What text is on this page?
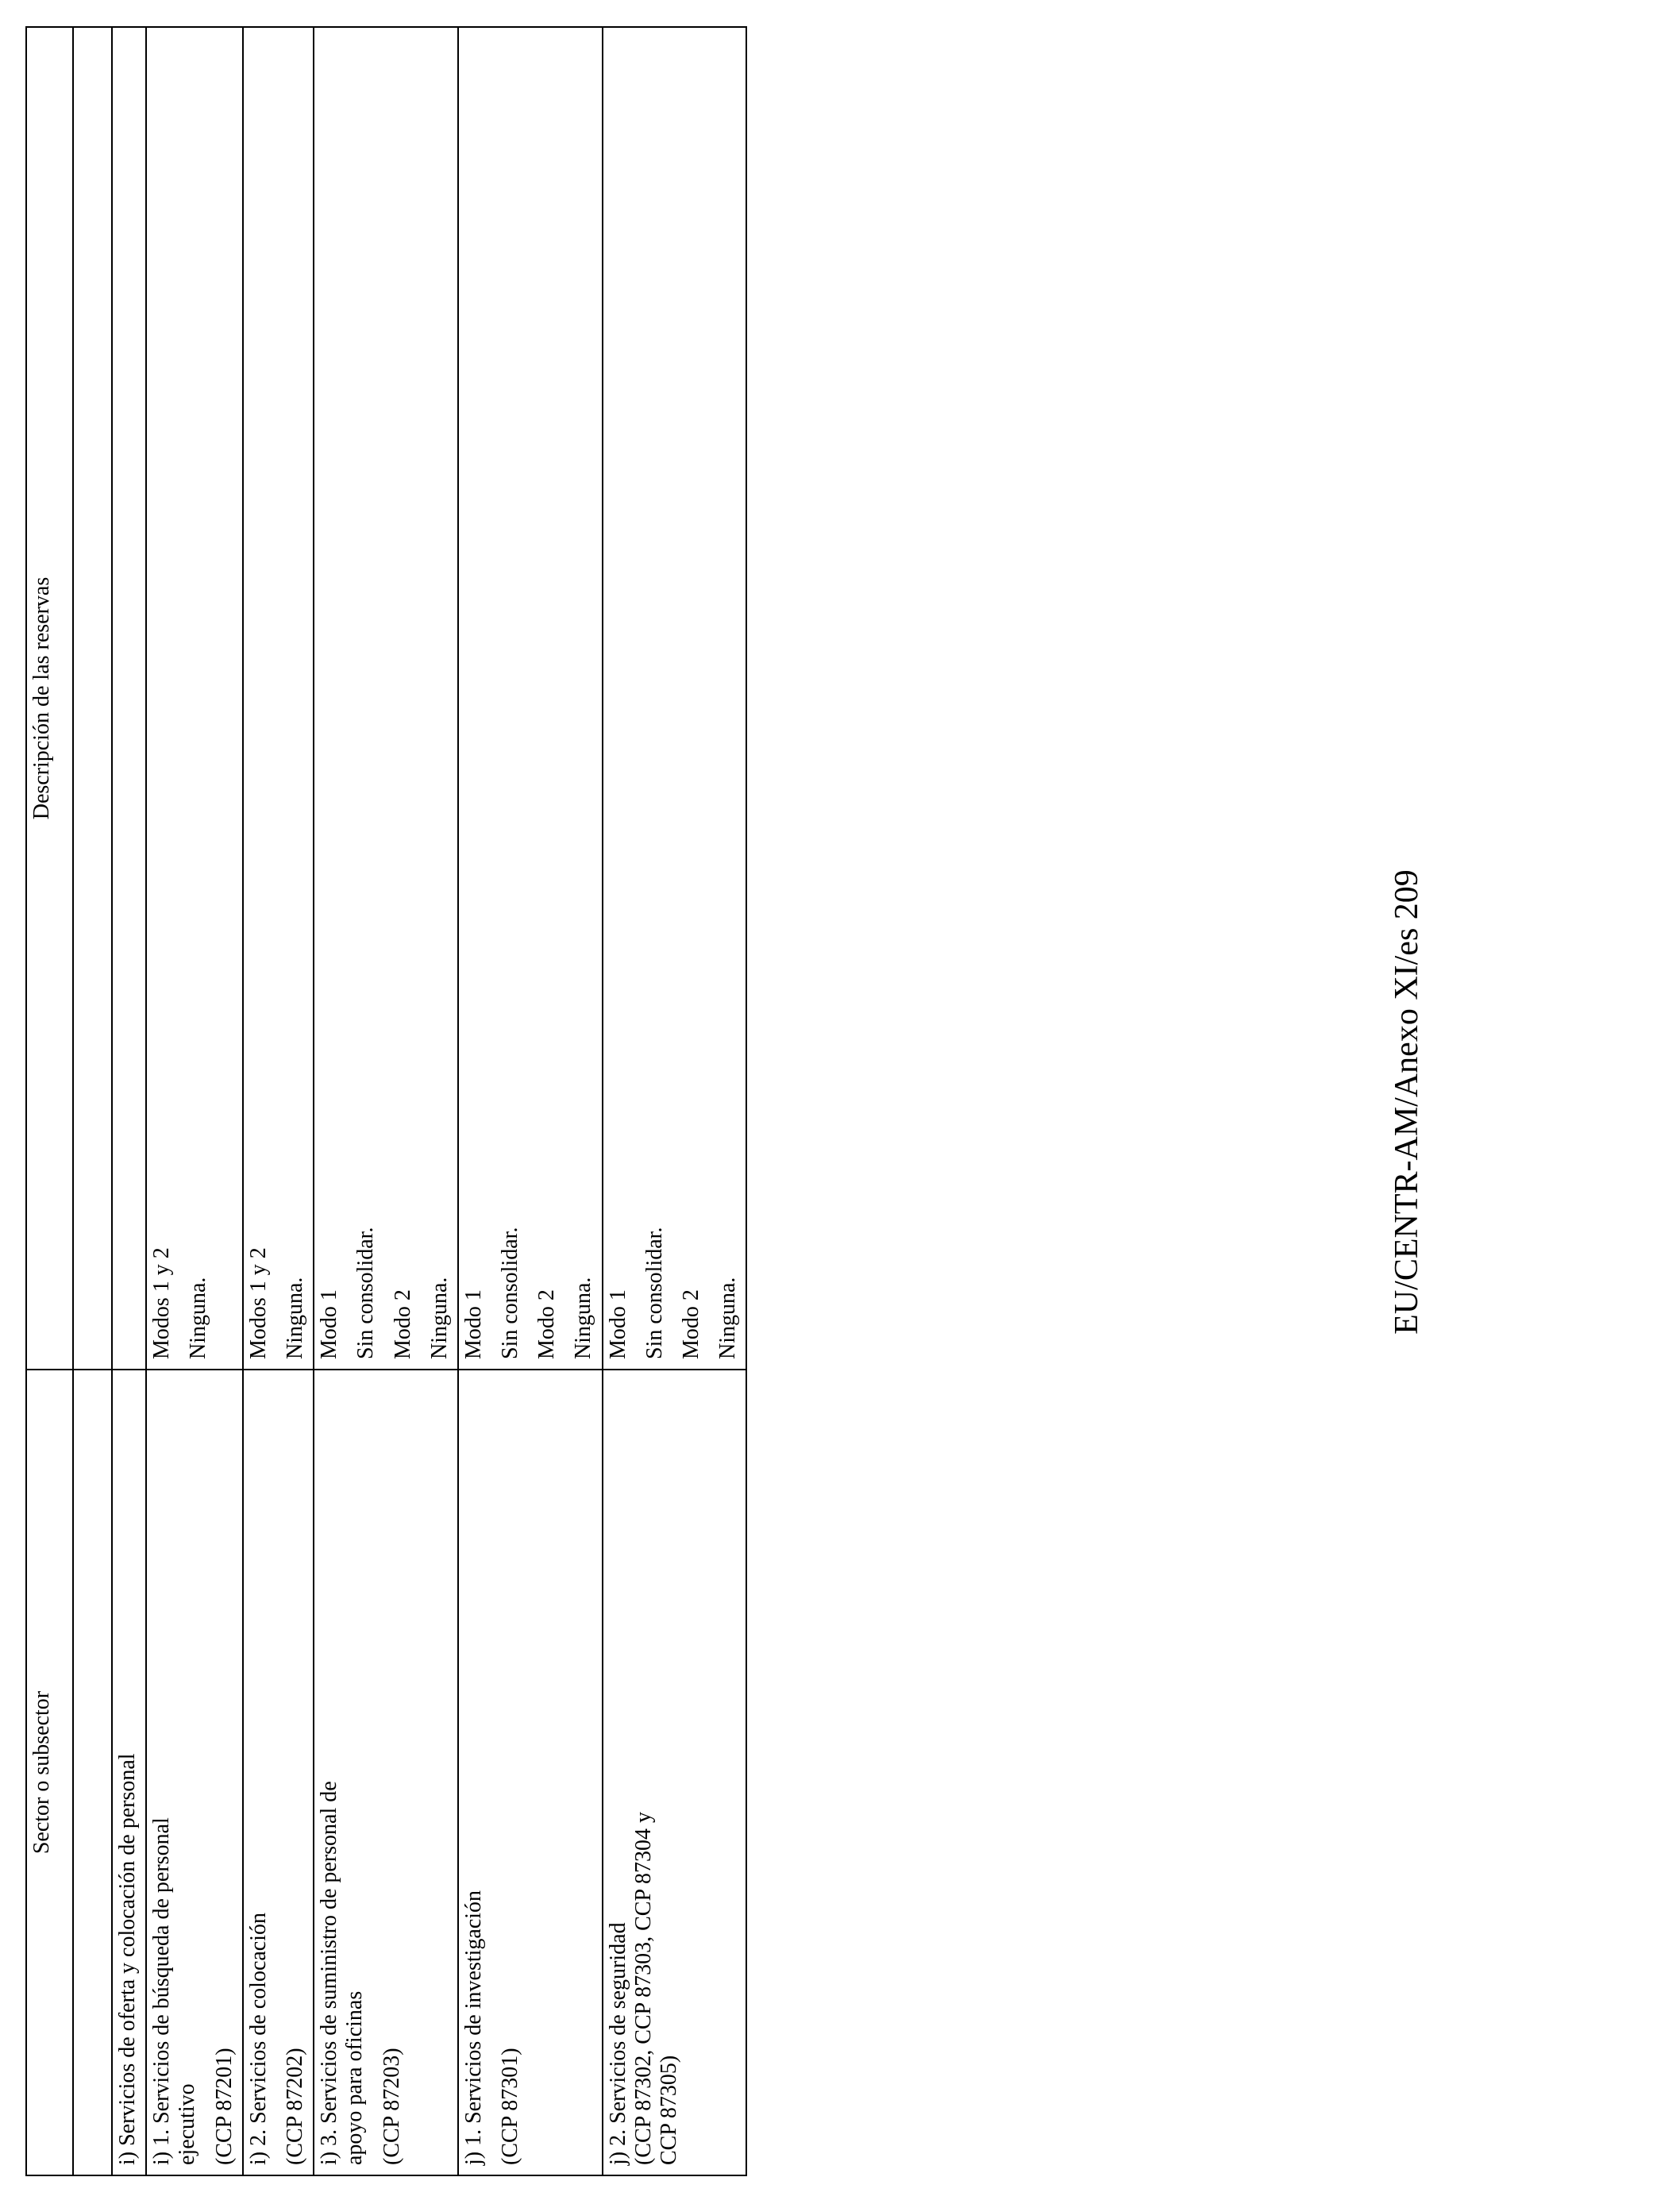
Sector o subsector	Descripción de las reservas

i) Servicios de oferta y colocación de personal	

i) 1. Servicios de búsqueda de personal ejecutivo (CCP 87201)	Modos 1 y 2 Ninguna.

i) 2. Servicios de colocación (CCP 87202)	Modos 1 y 2 Ninguna.

i) 3. Servicios de suministro de personal de apoyo para oficinas (CCP 87203)	Modo 1 Sin consolidar. Modo 2 Ninguna.

j) 1. Servicios de investigación (CCP 87301)	Modo 1 Sin consolidar. Modo 2 Ninguna.

j) 2. Servicios de seguridad (CCP 87302, CCP 87303, CCP 87304 y CCP 87305)	Modo 1 Sin consolidar. Modo 2 Ninguna.	EU/CENTR-AM/Anexo XI/es 209
